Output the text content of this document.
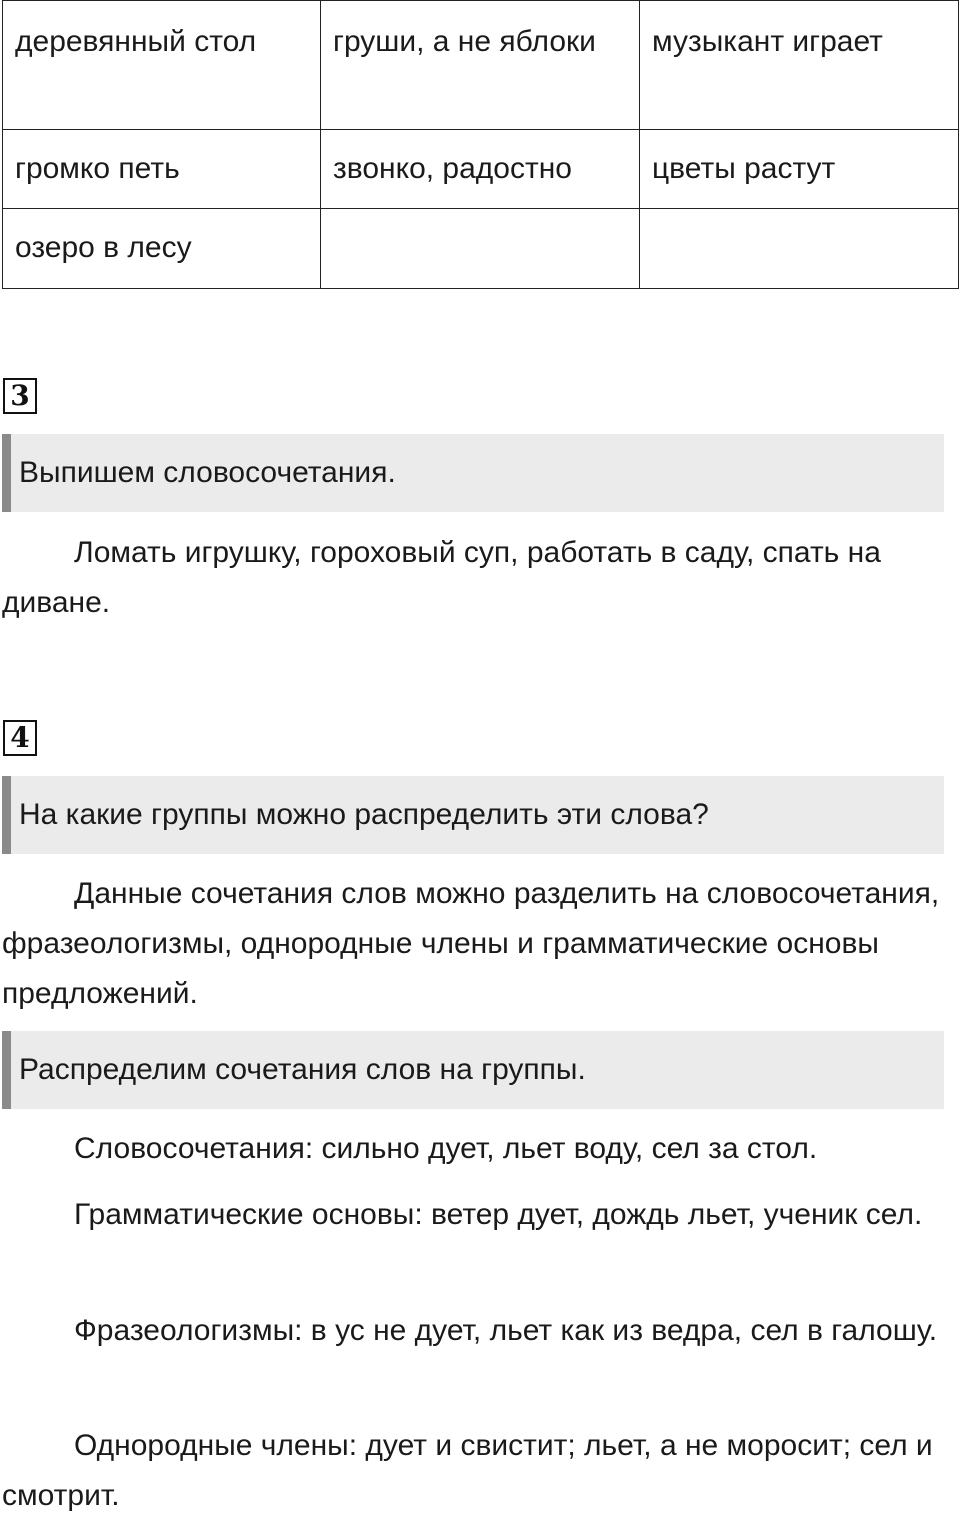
деревянный стол	груши, а не яблоки	музыкант играет
громко петь	звонко, радостно	цветы растут
озеро в лесу		
3
Выпишем словосочетания.

Ломать игрушку, гороховый суп, работать в саду, спать на диване.

4
На какие группы можно распределить эти слова?

Данные сочетания слов можно разделить на словосочетания, фразеологизмы, однородные члены и грамматические основы предложений.

Распределим сочетания слов на группы.

Словосочетания: сильно дует, льет воду, сел за стол.

Грамматические основы: ветер дует, дождь льет, ученик сел.

Фразеологизмы: в ус не дует, льет как из ведра, сел в галошу.

Однородные члены: дует и свистит; льет, а не моросит; сел и смотрит.
